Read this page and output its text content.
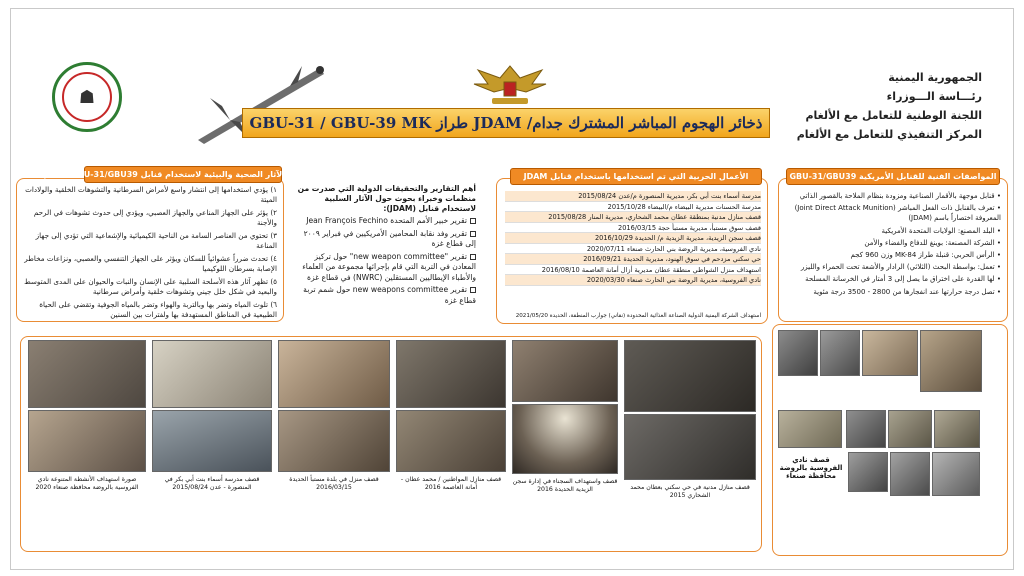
☗
الجمهورية اليمنية
رئـــاسة الـــوزراء
اللجنة الوطنية للتعامل مع الألغام
المركز التنفيذي للتعامل مع الألغام
ذخائر الهجوم المباشر المشترك جدام/ JDAM طراز GBU-31 / GBU-39 MK
١) يؤدي استخدامها إلى انتشار واسع لأمراض السرطانية والتشوهات الخلقية والولادات الميتة
٢) يؤثر على الجهاز المناعي والجهاز العصبي، ويؤدي إلى حدوث تشوهات في الرحم والأجنة
٣) تحتوي من العناصر السامة من الناحية الكيميائية والإشعاعية التي تؤدي إلى جهاز المناعة
٤) تحدث ضرراً عشوائياً للسكان ويؤثر على الجهاز التنفسي والعصبي، ونزاعات مخاطر الإصابة بسرطان اللوكيميا
٥) تظهر آثار هذه الأسلحة السلبية على الإنسان والنبات والحيوان على المدى المتوسط والبعيد في شكل خلل جيني وتشوهات خلقية وأمراض سرطانية
٦) تلوث المياه وتضر بها وبالتربة والهواء وتضر بالمياه الجوفية وتقضي على الحياة الطبيعية في المناطق المستهدفة بها ولفترات بين السنين
الأضرار والآثار الصحية والبيئية لاستخدام قنابل JDAM GBU-31/GBU39
أهم التقارير والتحقيقات الدولية التي صدرت من منظمات وخبراء بحوث حول الآثار السلبية لاستخدام قنابل (JDAM):
تقرير خبير الأمم المتحدة Jean François Fechino
تقرير وفد نقابة المحامين الأمريكيين في فبراير ٢٠٠٩ إلى قطاع غزة
تقرير "new weapon committee" حول تركيز المعادن في التربة التي قام بإجرائها مجموعة من العلماء والأطباء الإيطاليين المستقلين (NWRC) في قطاع غزة
تقرير new weapons committee حول شمم تربة قطاع غزة
مدرسة أسماء بنت أبي بكر، مديرية المنصورة م/عدن 2015/08/24
مدرسة الحسنات مديرية البيضاء م/البيضاء 2015/10/28
قصف منازل مدنية بمنطقة عطان محمد الشحاري، مديرية المنار 2015/08/28
قصف سوق مستبأ، مديرية مستبأ حجة 2016/03/15
قصف سجن الزيدية، مديرية الزيدية م/ الحديدة 2016/10/29
نادي الفروسية، مديرية الروضة بني الحارث صنعاء 2020/07/11
حي سكني مزدحم في سوق الهنود، مديرية الحديدة 2016/09/21
استهداف منزل الشواطي منطقة عطان مديرية أزال أمانة العاصمة 2016/08/10
نادي الفروسية، مديرية الروضة بني الحارث صنعاء 2020/03/30
استهداف الشركة اليمنية الدولية الصناعة الغذائية المحدودة (نقاني) جوارب المنطقة، الحديدة 2021/05/20
الأعمال الحربية التي تم استخدامها باستخدام قنابل JDAM
• قنابل موجهة بالأقمار الصناعية ومزودة بنظام الملاحة بالقصور الذاتي
• تعرف بالقنابل ذات الفعل المباشر (Joint Direct Attack Munition) المعروفة اختصاراً باسم (JDAM)
• البلد المصنع: الولايات المتحدة الأمريكية
• الشركة المصنعة: بوينغ للدفاع والفضاء والأمن
• الرأس الحربي: قنبلة طراز MK-84 وزن 960 كجم
• تعمل: بواسطة البحث (الثلاثي) الرادار والأشعة تحت الحمراء والليزر
• لها القدرة على اختراق ما يصل إلى 3 أمتار في الخرسانة المسلحة
• تصل درجة حرارتها عند انفجارها من 2800 - 3500 درجة مئوية
المواصفات الفنية للقنابل الأمريكية GBU-31/GBU39
صورة استهداف الأنشطة المتنوعة نادي الفروسية بالروضة محافظة صنعاء 2020
قصف مدرسة أسماء بنت أبي بكر في المنصورة - عدن 2015/08/24
قصف منزل في بلدة مستبأ الحديدة 2016/03/15
قصف منازل المواطنين / محمد عطان - أمانة العاصمة 2016
قصف واستهداف السجناء في إدارة سجن الزيدية الحديدة 2016	قصف منازل مدنية في حي سكني بعطان محمد الشحاري 2015
قصف نادي الفروسية بالروضة محافظة صنعاء
